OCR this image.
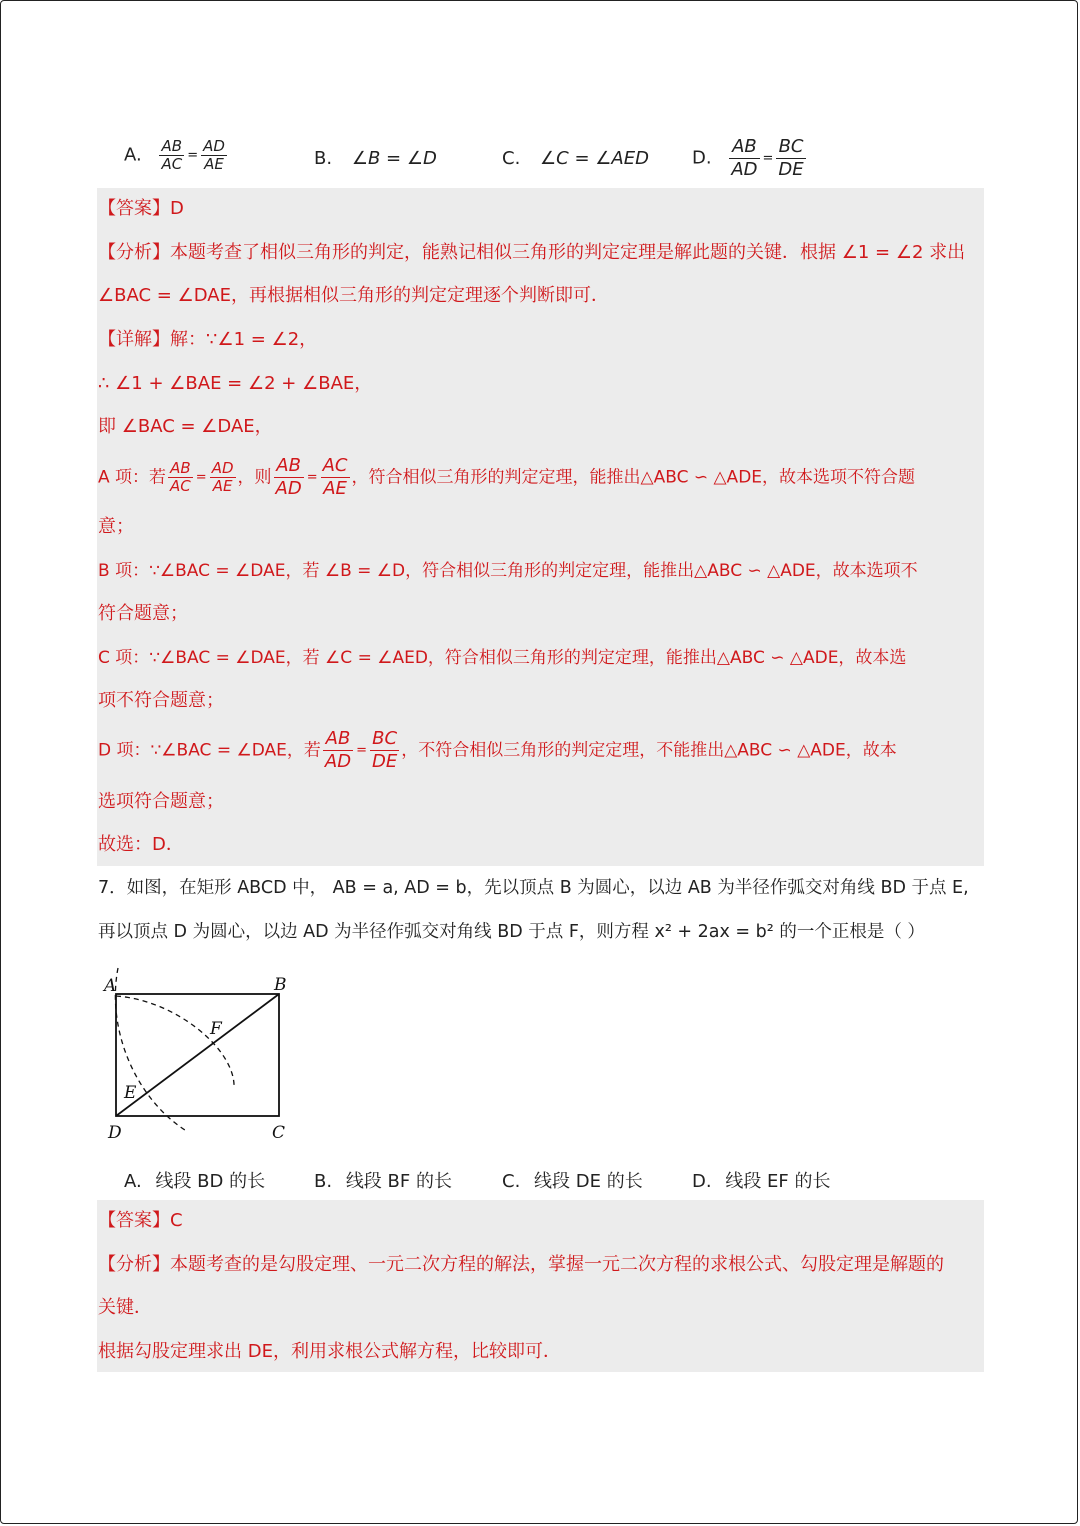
A. $\frac{AB}{AC} = \frac{AD}{AE}$	B. ∠B = ∠D	C. ∠C = ∠AED D. $\frac{AB}{AD} = \frac{BC}{DE}$
【答案】D
【分析】本题考查了相似三角形的判定，能熟记相似三角形的判定定理是解此题的关键．根据 ∠1 = ∠2 求出
∠BAC = ∠DAE，再根据相似三角形的判定定理逐个判断即可．
【详解】解：∵∠1 = ∠2，
∴ ∠1 + ∠BAE = ∠2 + ∠BAE，
即 ∠BAC = ∠DAE，
A 项：若 $\frac{AB}{AC} = \frac{AD}{AE}$ ，则 $\frac{AB}{AD} = \frac{AC}{AE}$ ，符合相似三角形的判定定理，能推出△ABC ∽ △ADE，故本选项不符合题
意；
B 项：∵∠BAC = ∠DAE，若 ∠B = ∠D，符合相似三角形的判定定理，能推出△ABC ∽ △ADE，故本选项不
符合题意；
C 项：∵∠BAC = ∠DAE，若 ∠C = ∠AED，符合相似三角形的判定定理，能推出△ABC ∽ △ADE，故本选
项不符合题意；
D 项：∵∠BAC = ∠DAE，若 $\frac{AB}{AD} = \frac{BC}{DE}$ ，不符合相似三角形的判定定理，不能推出△ABC ∽ △ADE，故本
选项符合题意；
故选：D．
7．如图，在矩形 ABCD 中， AB = a, AD = b，先以顶点 B 为圆心，以边 AB 为半径作弧交对角线 BD 于点 E,
再以顶点 D 为圆心，以边 AD 为半径作弧交对角线 BD 于点 F，则方程 x² + 2ax = b² 的一个正根是（ ）
A	B
C
D
E
F
A. 线段 BD 的长	B. 线段 BF 的长	C. 线段 DE 的长	D. 线段 EF 的长
【答案】C
【分析】本题考查的是勾股定理、一元二次方程的解法，掌握一元二次方程的求根公式、勾股定理是解题的
关键．
根据勾股定理求出 DE，利用求根公式解方程，比较即可．
